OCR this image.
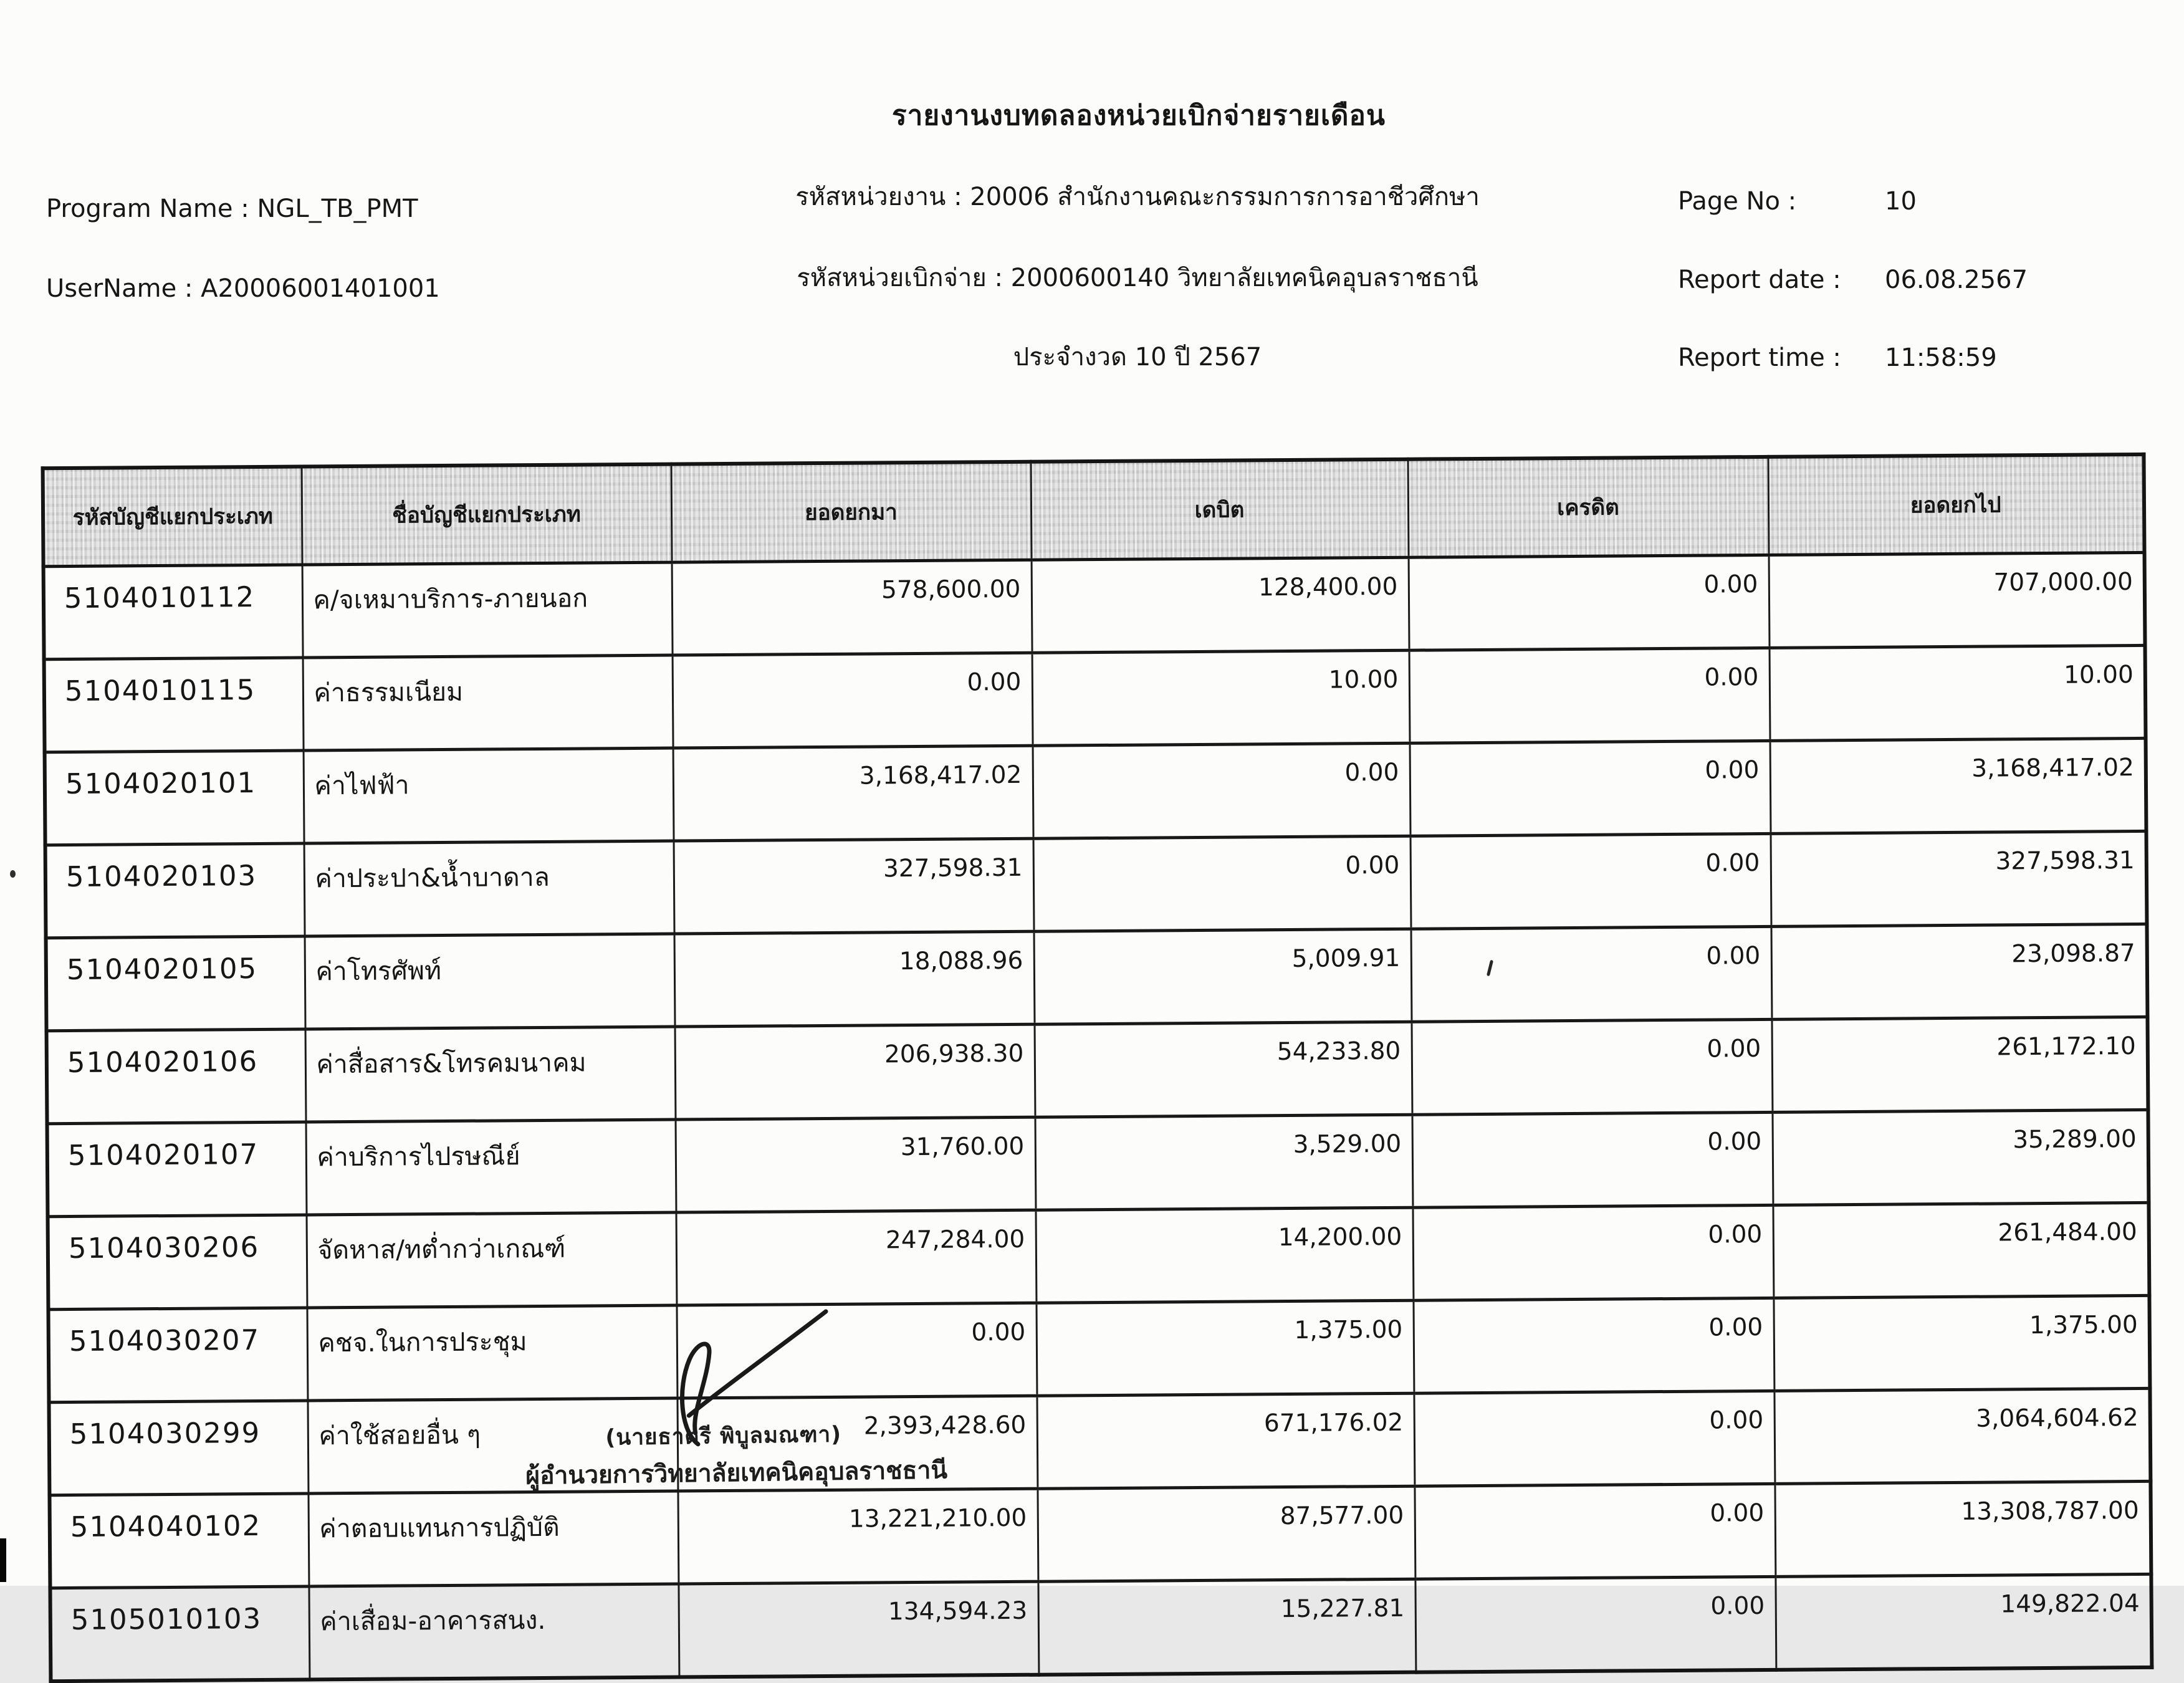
รายงานงบทดลองหน่วยเบิกจ่ายรายเดือน
Program Name : NGL_TB_PMT
UserName : A20006001401001
รหัสหน่วยงาน : 20006 สำนักงานคณะกรรมการการอาชีวศึกษา
รหัสหน่วยเบิกจ่าย : 2000600140 วิทยาลัยเทคนิคอุบลราชธานี
ประจำงวด 10 ปี 2567
Page No :	10
Report date : 06.08.2567
Report time : 11:58:59
รหัสบัญชีแยกประเภท	ชื่อบัญชีแยกประเภท	ยอดยกมา	เดบิต	เครดิต	ยอดยกไป
5104010112	ค/จเหมาบริการ-ภายนอก	578,600.00	128,400.00	0.00	707,000.00
5104010115	ค่าธรรมเนียม	0.00	10.00	0.00	10.00
5104020101	ค่าไฟฟ้า	3,168,417.02	0.00	0.00	3,168,417.02
5104020103	ค่าประปา&น้ำบาดาล	327,598.31	0.00	0.00	327,598.31
5104020105	ค่าโทรศัพท์	18,088.96	5,009.91	0.00	23,098.87
5104020106	ค่าสื่อสาร&โทรคมนาคม	206,938.30	54,233.80	0.00	261,172.10
5104020107	ค่าบริการไปรษณีย์	31,760.00	3,529.00	0.00	35,289.00
5104030206	จัดหาส/ทต่ำกว่าเกณฑ์	247,284.00	14,200.00	0.00	261,484.00
5104030207	คชจ.ในการประชุม	0.00	1,375.00	0.00	1,375.00
5104030299	ค่าใช้สอยอื่น ๆ	2,393,428.60	671,176.02	0.00	3,064,604.62
5104040102	ค่าตอบแทนการปฏิบัติ	13,221,210.00	87,577.00	0.00	13,308,787.00
5105010103	ค่าเสื่อม-อาคารสนง.	134,594.23	15,227.81	0.00	149,822.04
(นายธาตรี พิบูลมณฑา)
ผู้อำนวยการวิทยาลัยเทคนิคอุบลราชธานี
